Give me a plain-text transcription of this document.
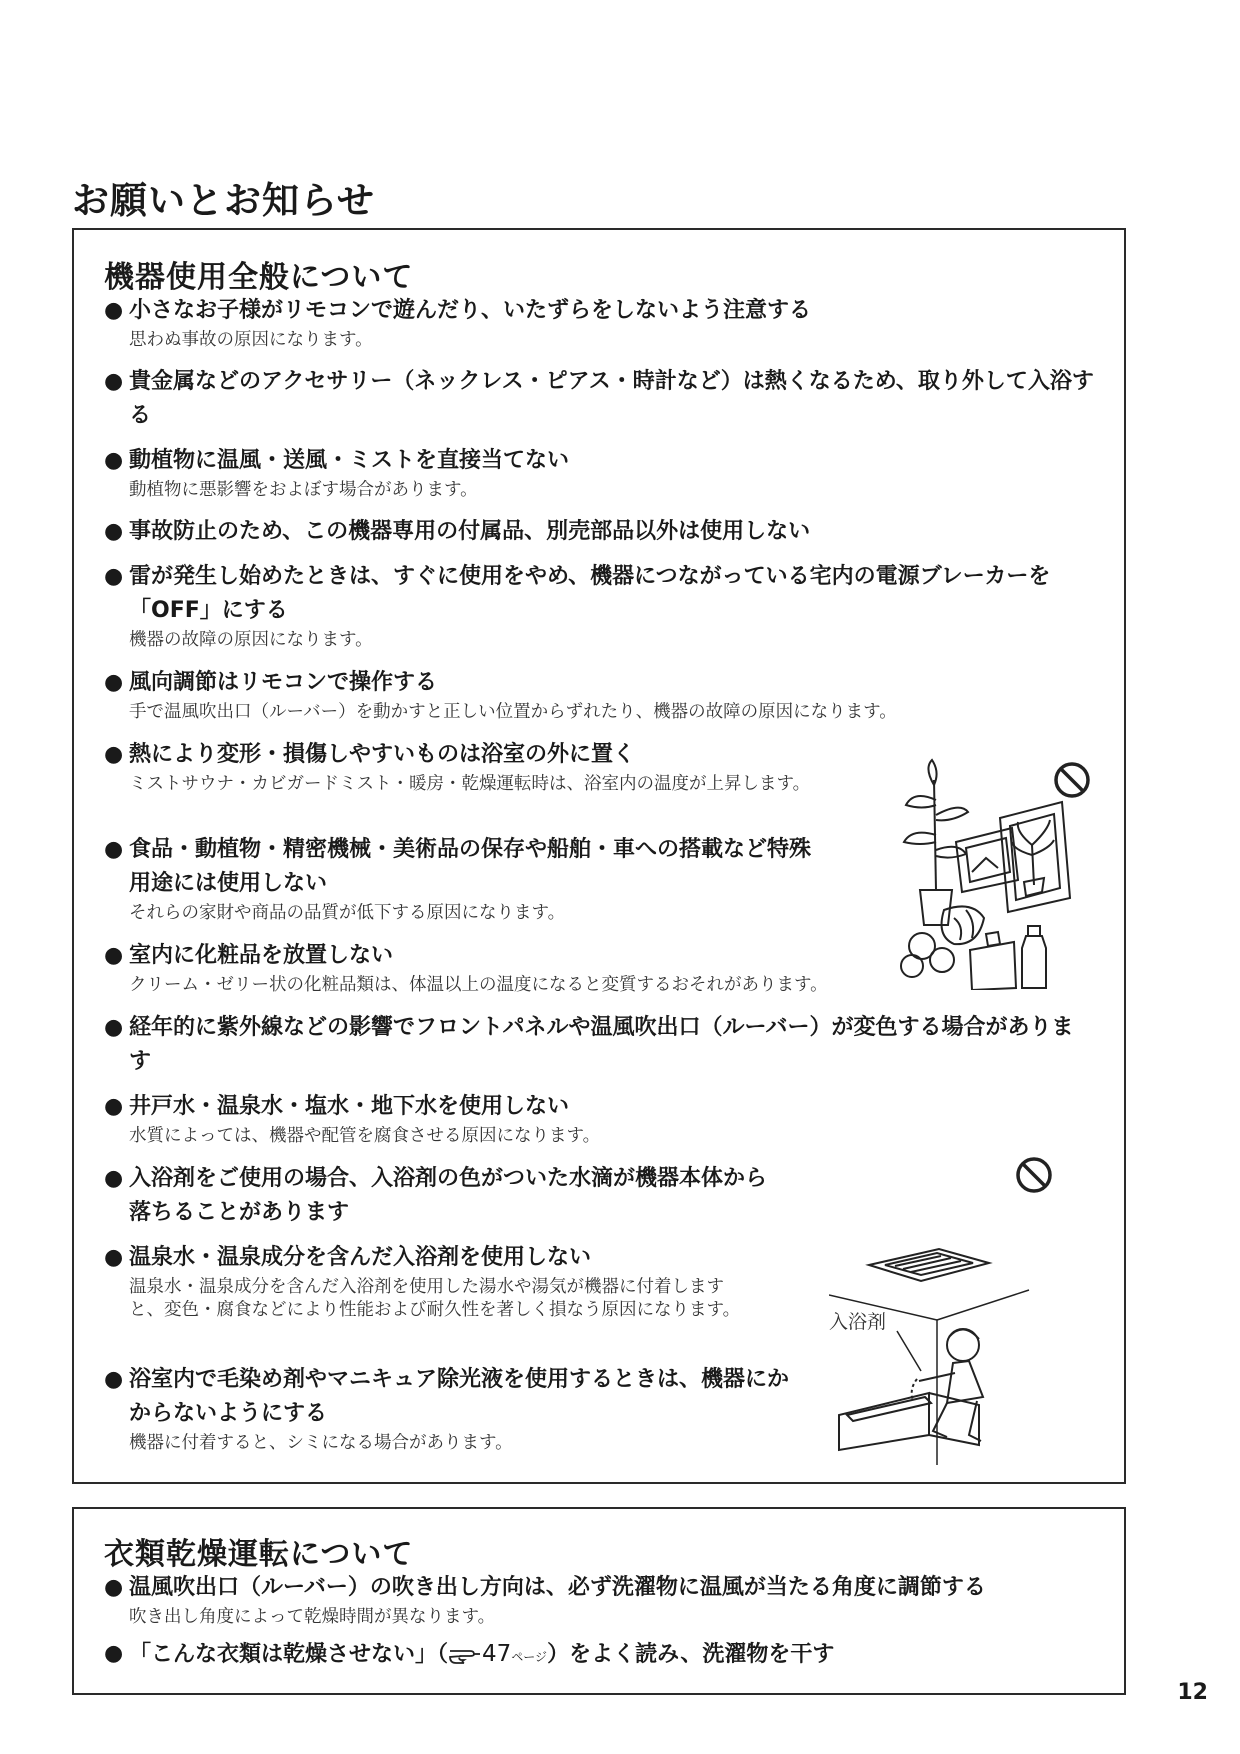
お願いとお知らせ
機器使用全般について
● 小さなお子様がリモコンで遊んだり、いたずらをしないよう注意する
思わぬ事故の原因になります。
● 貴金属などのアクセサリー（ネックレス・ピアス・時計など）は熱くなるため、取り外して入浴する
● 動植物に温風・送風・ミストを直接当てない
動植物に悪影響をおよぼす場合があります。
● 事故防止のため、この機器専用の付属品、別売部品以外は使用しない
● 雷が発生し始めたときは、すぐに使用をやめ、機器につながっている宅内の電源ブレーカーを「OFF」にする
機器の故障の原因になります。
● 風向調節はリモコンで操作する
手で温風吹出口（ルーバー）を動かすと正しい位置からずれたり、機器の故障の原因になります。
● 熱により変形・損傷しやすいものは浴室の外に置く
ミストサウナ・カビガードミスト・暖房・乾燥運転時は、浴室内の温度が上昇します。
● 食品・動植物・精密機械・美術品の保存や船舶・車への搭載など特殊用途には使用しない
それらの家財や商品の品質が低下する原因になります。
● 室内に化粧品を放置しない
クリーム・ゼリー状の化粧品類は、体温以上の温度になると変質するおそれがあります。
● 経年的に紫外線などの影響でフロントパネルや温風吹出口（ルーバー）が変色する場合があります
● 井戸水・温泉水・塩水・地下水を使用しない
水質によっては、機器や配管を腐食させる原因になります。
● 入浴剤をご使用の場合、入浴剤の色がついた水滴が機器本体から落ちることがあります
● 温泉水・温泉成分を含んだ入浴剤を使用しない
温泉水・温泉成分を含んだ入浴剤を使用した湯水や湯気が機器に付着しますと、変色・腐食などにより性能および耐久性を著しく損なう原因になります。
● 浴室内で毛染め剤やマニキュア除光液を使用するときは、機器にかからないようにする
機器に付着すると、シミになる場合があります。
入浴剤
衣類乾燥運転について
● 温風吹出口（ルーバー）の吹き出し方向は、必ず洗濯物に温風が当たる角度に調節する
吹き出し角度によって乾燥時間が異なります。
● 「こんな衣類は乾燥させない」（ 47ページ）をよく読み、洗濯物を干す

12
